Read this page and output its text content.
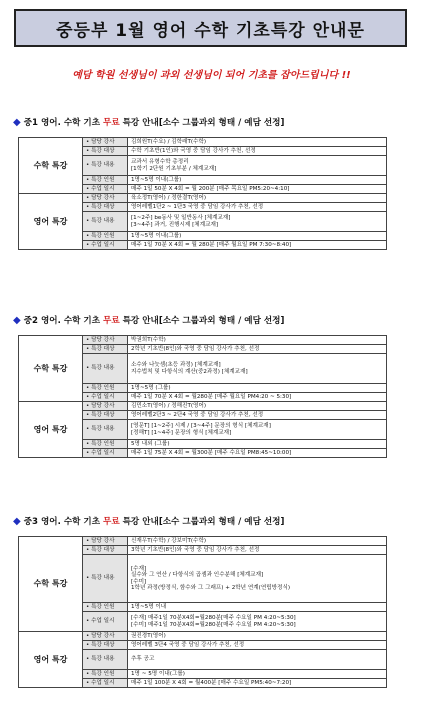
중등부 1월 영어 수학 기초특강 안내문
예담 학원 선생님이 과외 선생님이 되어 기초를 잡아드립니다 !!
◆ 중1 영어. 수학 기초 무료 특강 안내[소수 그룹과외 형태 / 예담 선정]
수학 특강	• 담당 강사	김희원T(수요) / 김학래T(수학)

	• 특강 대상	수학 기초반(1인)와 국영 중 담임 강사가 추천, 선정

	• 특강 내용	교과서 유형수학 총정리
[1학기 2단원 기초부분 / 체계교재]

	• 특강 인원	1명~5명 이내(그룹)

	• 수업 일시	매주 1일 50분 X 4회 = 월 200분 [매주 목요일 PM5:20~4:10]

영어 특강	• 담당 강사	육소정T(영어) / 정한결T(영어)

	• 특강 대상	영어레벨1단2 ~ 1단3 국영 중 담임 강사가 추천, 선정

	• 특강 내용	[1~2주] be동사 및 일반동사 [체계교재]
[3~4주] 과거, 진행시제 [체계교재]

	• 특강 인원	1명~5명 이내(그룹)

	• 수업 일시	매주 1일 70분 X 4회 = 월 280분 [매주 월요일 PM 7:30~8:40]
◆ 중2 영어. 수학 기초 무료 특강 안내[소수 그룹과외 형태 / 예담 선정]
수학 특강	• 담당 강사	박권희T(수학)

	• 특강 대상	2학년 기초반(8인)와 국영 중 담임 강사가 추천, 선정

	• 특강 내용	소수와 나눗셈(초등 과정) [체계교재]
지수법칙 및 다항식의 계산(중2과정) [체계교재]

	• 특강 인원	1명~5명 (그룹)

	• 수업 일시	매주 1일 70분 X 4회 = 월280분 [매주 월요일 PM4:20 ~ 5:30]

영어 특강	• 담당 강사	김민소T(영어) / 정해진T(영어)

	• 특강 대상	영어레벨2단3 ~ 2단4 국영 중 담임 강사가 추천, 선정

	• 특강 내용	[영문T] [1~2주] 시제 / [3~4주] 문장의 형식 [체계교재]
[정해T] [1~4주] 문장의 형식 [체계교재]

	• 특강 인원	5명 내외 (그룹)

	• 수업 일시	매주 1일 75분 X 4회 = 월300분 [매주 수요일 PM8:45~10:00]
◆ 중3 영어. 수학 기초 무료 특강 안내[소수 그룹과외 형태 / 예담 선정]
수학 특강	• 담당 강사	신재우T(수학) / 강보미T(수학)

	• 특강 대상	3학년 기초반(8인)와 국영 중 담임 강사가 추천, 선정

	• 특강 내용	[수재]
실수와 그 연산 / 다항식의 곱셈과 인수분해 [체계교재]
[수미]
1학년 과정(방정식, 함수와 그 그래프) + 2학년 연계(연립방정식)

	• 특강 인원	1명~5명 이내

	• 수업 일시	[수재] 매주1일 70분X4회=월280분[매주 수요일 PM 4:20~5:30]
[수미] 매주1일 70분X4회=월280분[매주 수요일 PM 4:20~5:30]

영어 특강	• 담당 강사	권진경T(영어)

	• 특강 대상	영어레벨 3단4 국영 중 담임 강사가 추천, 선정

	• 특강 내용	추후 공고

	• 특강 인원	1명 ~ 5명 이내(그룹)

	• 수업 일시	매주 1일 100분 X 4회 = 월400분 [매주 수요일 PM5:40~7:20]
